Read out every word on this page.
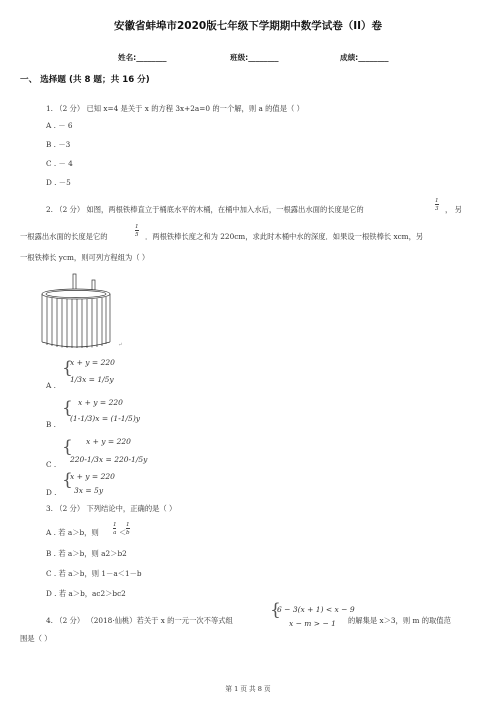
安徽省蚌埠市2020版七年级下学期期中数学试卷（II）卷
姓名:________	班级:________	成绩:________
一、 选择题 (共 8 题；共 16 分)
1. （2 分） 已知 x=4 是关于 x 的方程 3x+2a=0 的一个解，则 a 的值是（ ）
A . － 6
B . －3
C . － 4
D . －5
2. （2 分） 如图，两根铁棒直立于桶底水平的木桶，在桶中加入水后，一根露出水面的长度是它的
1
3 ， 另
一根露出水面的长度是它的
1
5 ．两根铁棒长度之和为 220cm，求此时木桶中水的深度．如果设一根铁棒长 xcm，另
一根铁棒长 ycm，则可列方程组为（ ）
↵
A .
{
x + y = 220
1/3x = 1/5y
B .
{ x + y = 220
(1-1/3)x = (1-1/5)y
C .
{ x + y = 220
220-1/3x = 220-1/5y
D .
{
x + y = 220
3x = 5y
3. （2 分） 下列结论中，正确的是（ ）
A . 若 a＞b，则
1
a ＜
1
b
B . 若 a＞b，则 a2＞b2
C . 若 a＞b，则 1－a＜1－b
D . 若 a＞b，ac2＞bc2
{
6 − 3(x + 1) < x − 9
4. （2 分） （2018·仙桃）若关于 x 的一元一次不等式组	x − m > − 1 的解集是 x＞3，则 m 的取值范
围是（ ）
第 1 页 共 8 页
